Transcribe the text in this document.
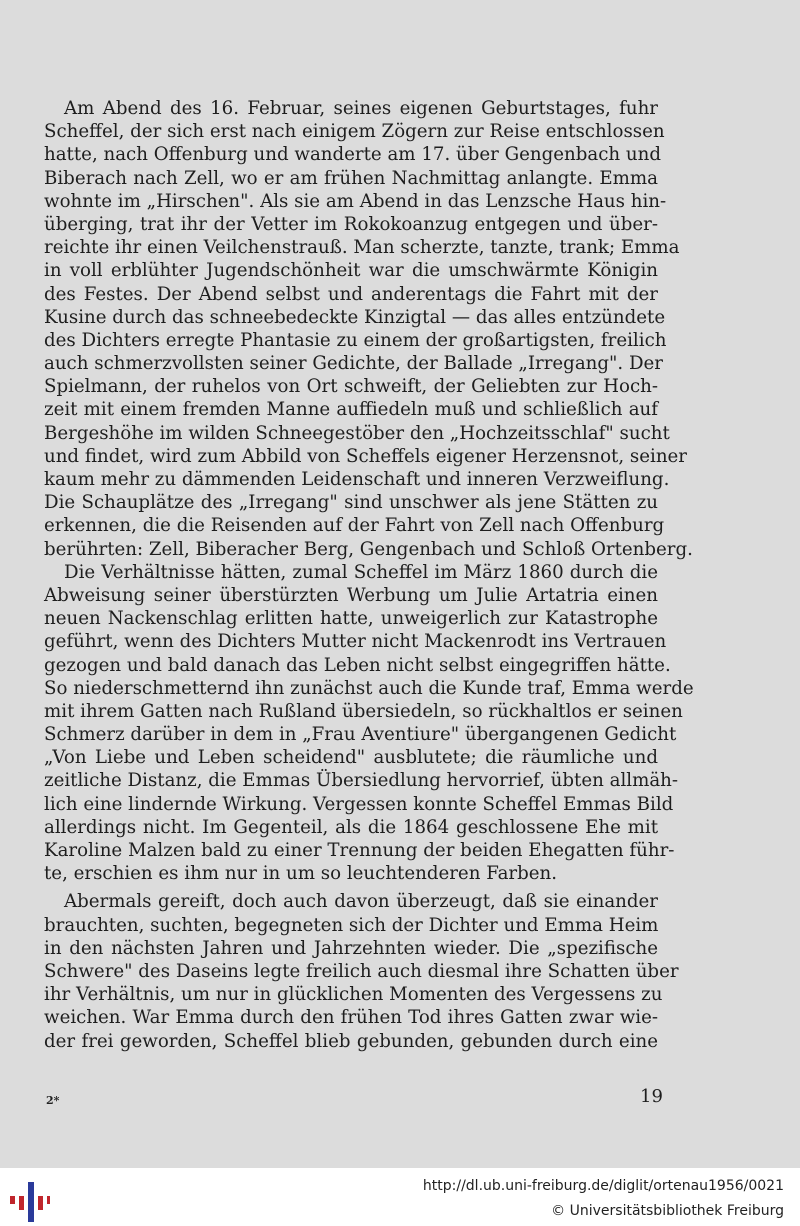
Am Abend des 16. Februar, seines eigenen Geburtstages, fuhr
Scheffel, der sich erst nach einigem Zögern zur Reise entschlossen
hatte, nach Offenburg und wanderte am 17. über Gengenbach und
Biberach nach Zell, wo er am frühen Nachmittag anlangte. Emma
wohnte im „Hirschen". Als sie am Abend in das Lenzsche Haus hin-
überging, trat ihr der Vetter im Rokokoanzug entgegen und über-
reichte ihr einen Veilchenstrauß. Man scherzte, tanzte, trank; Emma
in voll erblühter Jugendschönheit war die umschwärmte Königin
des Festes. Der Abend selbst und anderentags die Fahrt mit der
Kusine durch das schneebedeckte Kinzigtal — das alles entzündete
des Dichters erregte Phantasie zu einem der großartigsten, freilich
auch schmerzvollsten seiner Gedichte, der Ballade „Irregang". Der
Spielmann, der ruhelos von Ort schweift, der Geliebten zur Hoch-
zeit mit einem fremden Manne auffiedeln muß und schließlich auf
Bergeshöhe im wilden Schneegestöber den „Hochzeitsschlaf" sucht
und findet, wird zum Abbild von Scheffels eigener Herzensnot, seiner
kaum mehr zu dämmenden Leidenschaft und inneren Verzweiflung.
Die Schauplätze des „Irregang" sind unschwer als jene Stätten zu
erkennen, die die Reisenden auf der Fahrt von Zell nach Offenburg
berührten: Zell, Biberacher Berg, Gengenbach und Schloß Ortenberg.
Die Verhältnisse hätten, zumal Scheffel im März 1860 durch die
Abweisung seiner überstürzten Werbung um Julie Artatria einen
neuen Nackenschlag erlitten hatte, unweigerlich zur Katastrophe
geführt, wenn des Dichters Mutter nicht Mackenrodt ins Vertrauen
gezogen und bald danach das Leben nicht selbst eingegriffen hätte.
So niederschmetternd ihn zunächst auch die Kunde traf, Emma werde
mit ihrem Gatten nach Rußland übersiedeln, so rückhaltlos er seinen
Schmerz darüber in dem in „Frau Aventiure" übergangenen Gedicht
„Von Liebe und Leben scheidend" ausblutete; die räumliche und
zeitliche Distanz, die Emmas Übersiedlung hervorrief, übten allmäh-
lich eine lindernde Wirkung. Vergessen konnte Scheffel Emmas Bild
allerdings nicht. Im Gegenteil, als die 1864 geschlossene Ehe mit
Karoline Malzen bald zu einer Trennung der beiden Ehegatten führ-
te, erschien es ihm nur in um so leuchtenderen Farben.
Abermals gereift, doch auch davon überzeugt, daß sie einander
brauchten, suchten, begegneten sich der Dichter und Emma Heim
in den nächsten Jahren und Jahrzehnten wieder. Die „spezifische
Schwere" des Daseins legte freilich auch diesmal ihre Schatten über
ihr Verhältnis, um nur in glücklichen Momenten des Vergessens zu
weichen. War Emma durch den frühen Tod ihres Gatten zwar wie-
der frei geworden, Scheffel blieb gebunden, gebunden durch eine
2*	19
http://dl.ub.uni-freiburg.de/diglit/ortenau1956/0021
© Universitätsbibliothek Freiburg
